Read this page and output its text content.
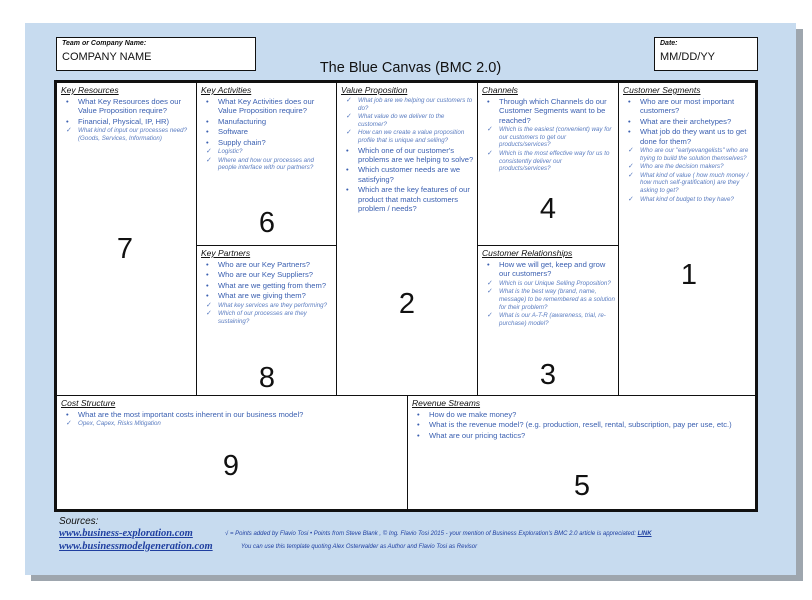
Team or Company Name:
COMPANY NAME
Date:
MM/DD/YY
The Blue Canvas (BMC 2.0)
Key Resources
• What Key Resources does our Value Proposition require?
• Financial, Physical, IP, HR)
✓ What kind of input our processes need? (Goods, Services, Information)
7
Key Activities
• What Key Activities does our Value Proposition require?
• Manufacturing
• Software
• Supply chain?
✓ Logistic?
✓ Where and how our processes and people interface with our partners?
6
Key Partners
• Who are our Key Partners?
• Who are our Key Suppliers?
• What are we getting from them?
• What are we giving them?
✓ What key services are they performing?
✓ Which of our processes are they sustaining?
8
Value Proposition
✓ What job are we helping our customers to do?
✓ What value do we deliver to the customer?
✓ How can we create a value proposition profile that is unique and selling?
• Which one of our customer's problems are we helping to solve?
• Which customer needs are we satisfying?
• Which are the key features of our product that match customers problem / needs?
2
Channels
• Through which Channels do our Customer Segments want to be reached?
✓ Which is the easiest (convenient) way for our customers to get our products/services?
✓ Which is the most effective way for us to consistently deliver our products/services?
4
Customer Relationships
• How we will get, keep and grow our customers?
✓ Which is our Unique Selling Proposition?
✓ What is the best way (brand, name, message) to be remembered as a solution for their problem?
✓ What is our A-T-R (awareness, trial, re-purchase) model?
3
Customer Segments
• Who are our most important customers?
• What are their archetypes?
• What job do they want us to get done for them?
✓ Who are our "earlyevangelists" who are trying to build the solution themselves?
✓ Who are the decision makers?
✓ What kind of value ( how much money / how much self-gratification) are they asking to get?
✓ What kind of budget to they have?
1
Cost Structure
• What are the most important costs inherent in our business model?
✓ Opex, Capex, Risks Mitigation
9
Revenue Streams
• How do we make money?
• What is the revenue model? (e.g. production, resell, rental, subscription, pay per use, etc.)
• What are our pricing tactics?
5
Sources:
www.business-exploration.com
www.businessmodelgeneration.com
√ = Points added by Flavio Tosi • Points from Steve Blank , © Ing. Flavio Tosi 2015 - your mention of Business Exploration's BMC 2.0 article is appreciated: LINK
You can use this template quoting Alex Osterwalder as Author and Flavio Tosi as Revisor
